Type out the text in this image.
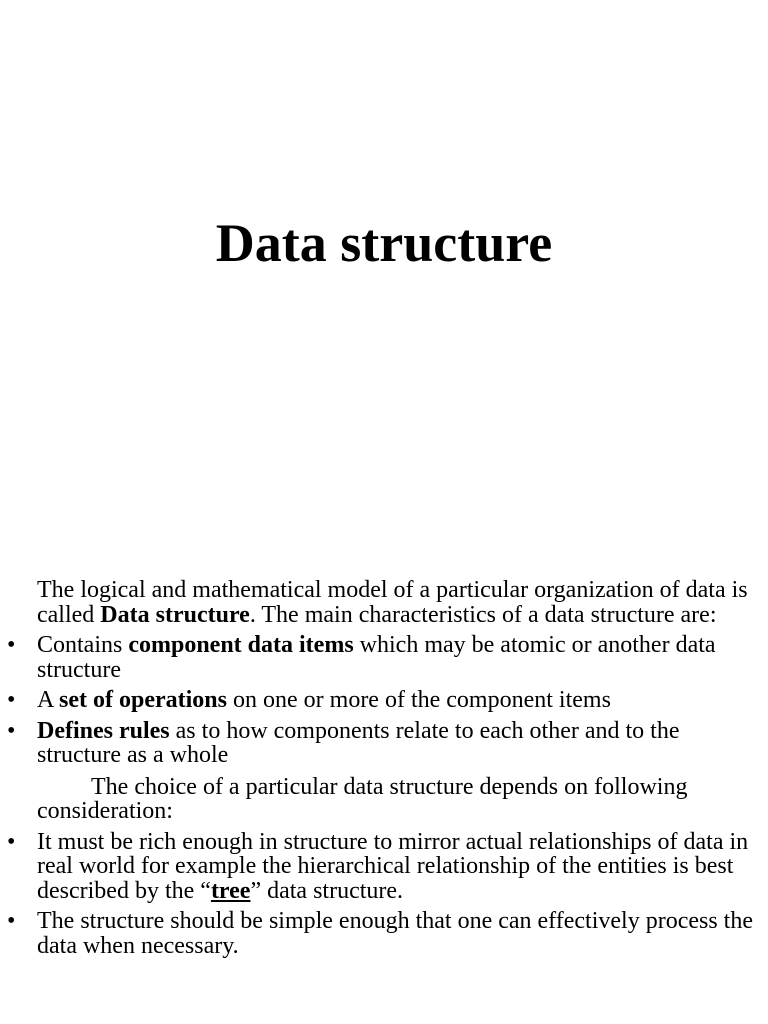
Data structure

The logical and mathematical model of a particular organization of data is called Data structure. The main characteristics of a data structure are:

• Contains component data items which may be atomic or another data structure
• A set of operations on one or more of the component items
• Defines rules as to how components relate to each other and to the structure as a whole

The choice of a particular data structure depends on following consideration:

• It must be rich enough in structure to mirror actual relationships of data in real world for example the hierarchical relationship of the entities is best described by the “tree” data structure.
• The structure should be simple enough that one can effectively process the data when necessary.
